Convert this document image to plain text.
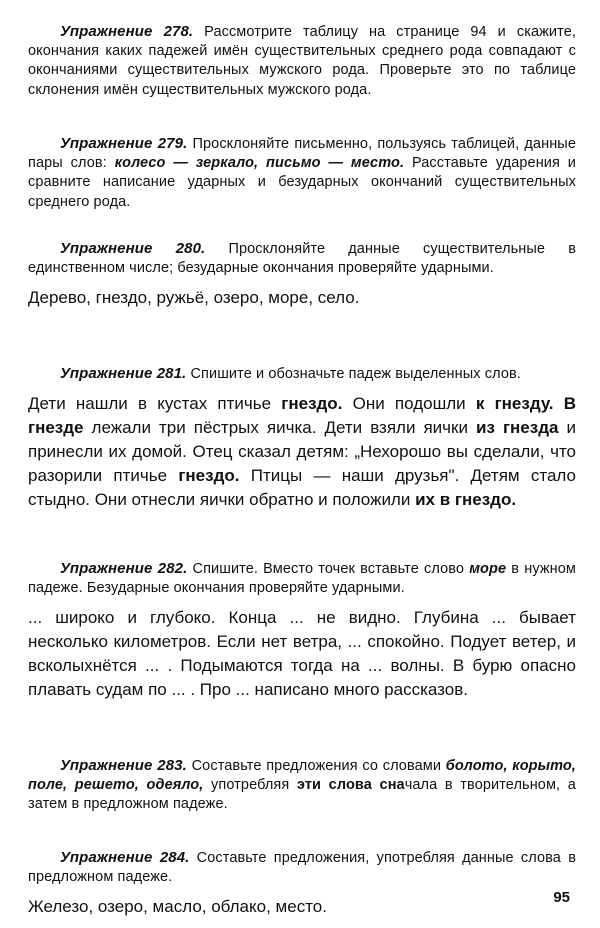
Упражнение 278. Рассмотрите таблицу на странице 94 и скажите, окончания каких падежей имён существительных среднего рода совпадают с окончаниями существительных мужского рода. Проверьте это по таблице склонения имён существительных мужского рода.

Упражнение 279. Просклоняйте письменно, пользуясь таблицей, данные пары слов: колесо — зеркало, письмо — место. Расставьте ударения и сравните написание ударных и безударных окончаний существительных среднего рода.

Упражнение 280. Просклоняйте данные существительные в единственном числе; безударные окончания проверяйте ударными.

Дерево, гнездо, ружьё, озеро, море, село.

Упражнение 281. Спишите и обозначьте падеж выделенных слов.

Дети нашли в кустах птичье гнездо. Они подошли к гнезду. В гнезде лежали три пёстрых яичка. Дети взяли яички из гнезда и принесли их домой. Отец сказал детям: „Нехорошо вы сделали, что разорили птичье гнездо. Птицы — наши друзья". Детям стало стыдно. Они отнесли яички обратно и положили их в гнездо.

Упражнение 282. Спишите. Вместо точек вставьте слово море в нужном падеже. Безударные окончания проверяйте ударными.

... широко и глубоко. Конца ... не видно. Глубина ... бывает несколько километров. Если нет ветра, ... спокойно. Подует ветер, и всколыхнётся ... . Подымаются тогда на ... волны. В бурю опасно плавать судам по ... . Про ... написано много рассказов.

Упражнение 283. Составьте предложения со словами болото, корыто, поле, решето, одеяло, употребляя эти слова сначала в творительном, а затем в предложном падеже.

Упражнение 284. Составьте предложения, употребляя данные слова в предложном падеже.

Железо, озеро, масло, облако, место.	95
